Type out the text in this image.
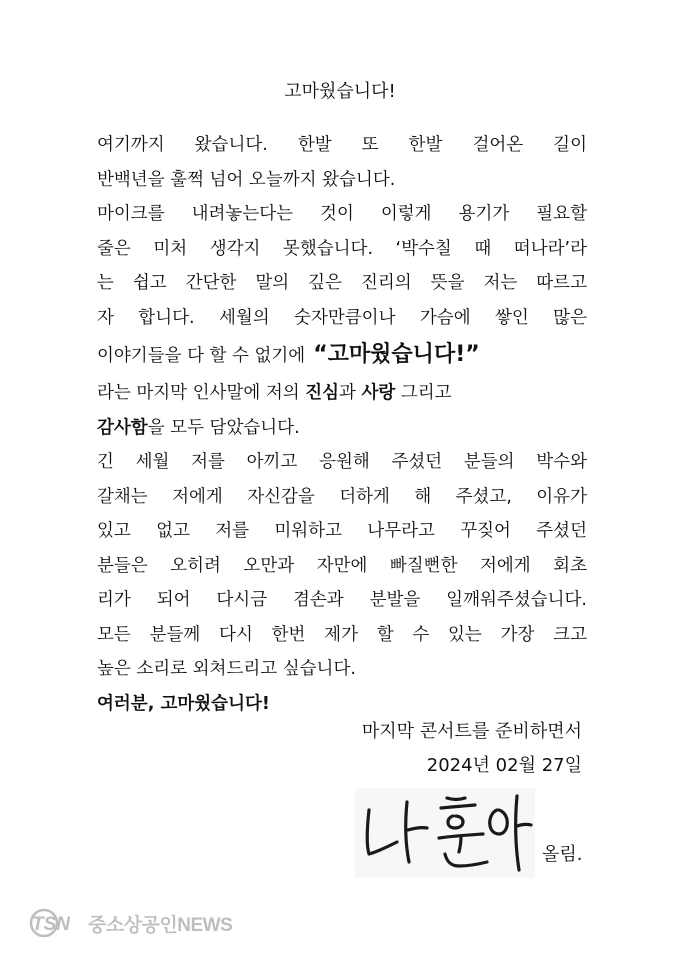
고마웠습니다!
여기까지 왔습니다. 한발 또 한발 걸어온 길이
반백년을 훌쩍 넘어 오늘까지 왔습니다.
마이크를 내려놓는다는 것이 이렇게 용기가 필요할
줄은 미처 생각지 못했습니다. ‘박수칠 때 떠나라’라
는 쉽고 간단한 말의 깊은 진리의 뜻을 저는 따르고
자 합니다. 세월의 숫자만큼이나 가슴에 쌓인 많은
이야기들을 다 할 수 없기에 “고마웠습니다!”
라는 마지막 인사말에 저의 진심과 사랑 그리고
감사함을 모두 담았습니다.
긴 세월 저를 아끼고 응원해 주셨던 분들의 박수와
갈채는 저에게 자신감을 더하게 해 주셨고, 이유가
있고 없고 저를 미워하고 나무라고 꾸짖어 주셨던
분들은 오히려 오만과 자만에 빠질뻔한 저에게 회초
리가 되어 다시금 겸손과 분발을 일깨워주셨습니다.
모든 분들께 다시 한번 제가 할 수 있는 가장 크고
높은 소리로 외쳐드리고 싶습니다.
여러분, 고마웠습니다!
마지막 콘서트를 준비하면서
2024년 02월 27일
올림.
TSN 중소상공인NEWS
